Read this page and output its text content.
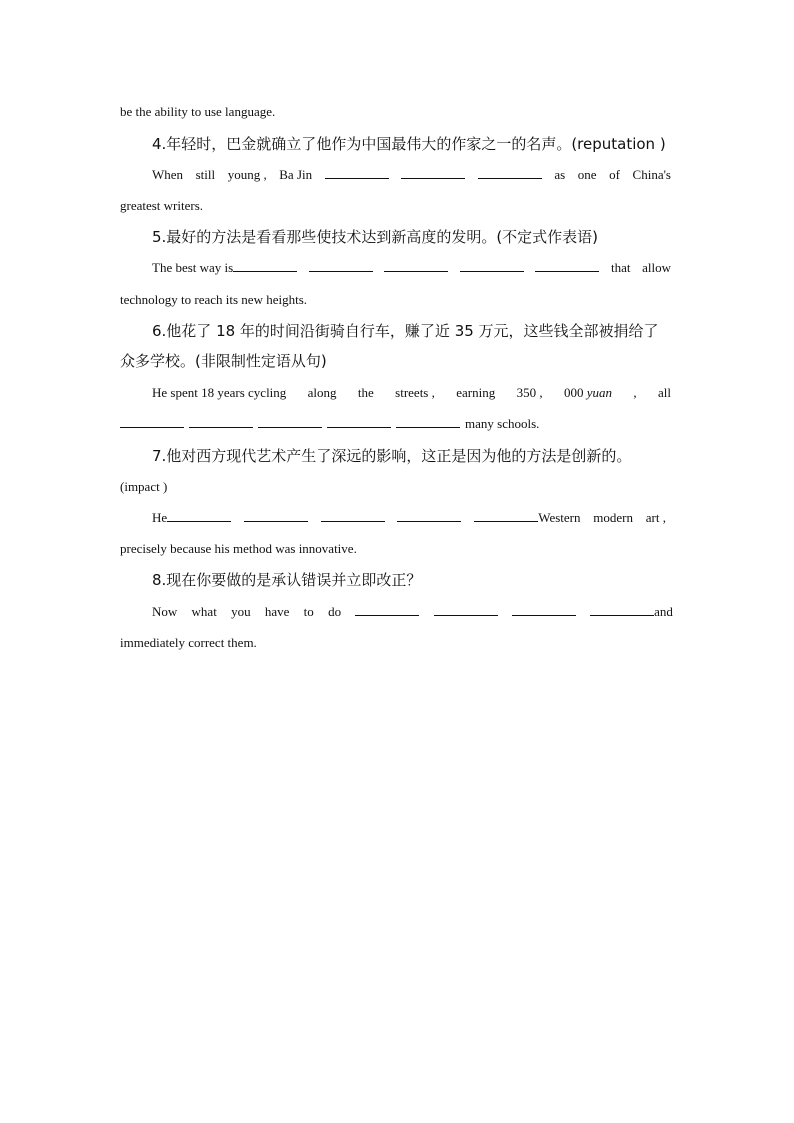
be the ability to use language.
4.年轻时，巴金就确立了他作为中国最伟大的作家之一的名声。(reputation )
When still young , Ba Jin	as one of China's
greatest writers.
5.最好的方法是看看那些使技术达到新高度的发明。(不定式作表语)
The best way is	that allow
technology to reach its new heights.
6.他花了 18 年的时间沿街骑自行车，赚了近 35 万元，这些钱全部被捐给了
众多学校。(非限制性定语从句)
He spent 18 years cycling along the streets , earning 350 , 000 yuan , all
many schools.
7.他对西方现代艺术产生了深远的影响，这正是因为他的方法是创新的。
(impact )
He	Western modern art ,
precisely because his method was innovative.
8.现在你要做的是承认错误并立即改正？
Now what you have to do	and
immediately correct them.
